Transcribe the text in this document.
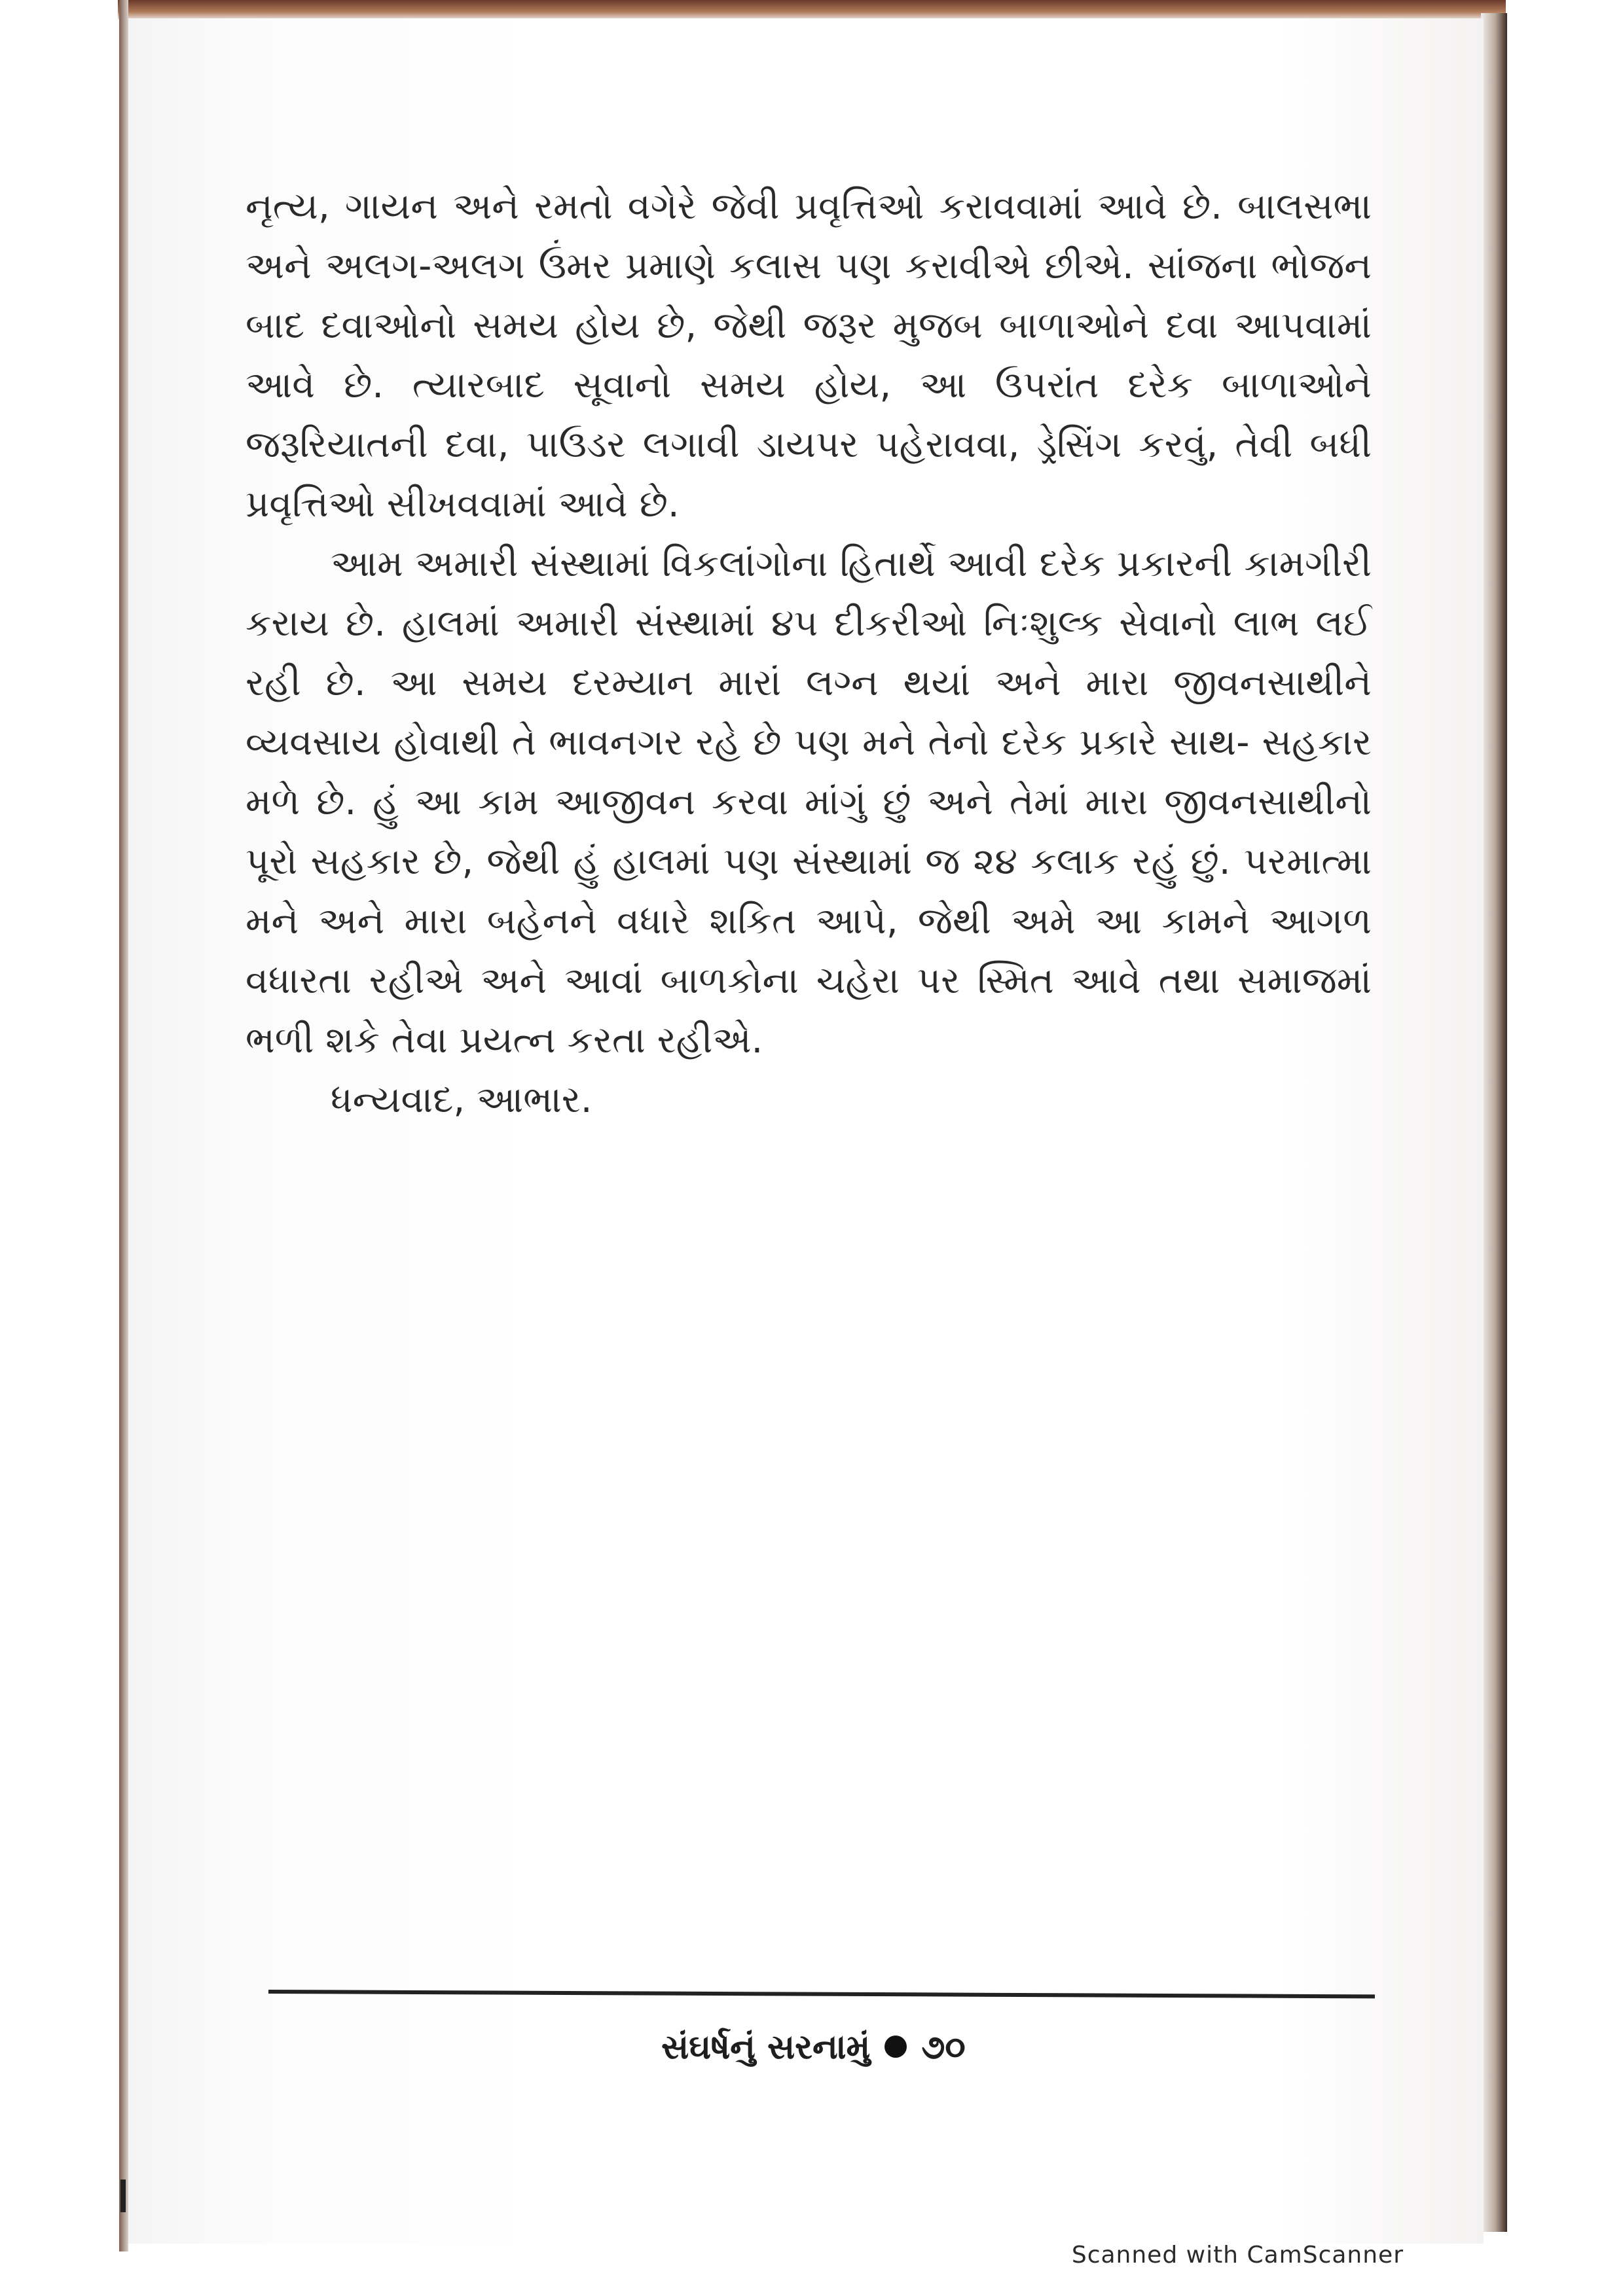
નૃત્ય, ગાયન અને રમતો વગેરે જેવી પ્રવૃત્તિઓ કરાવવામાં આવે છે. બાલસભા અને અલગ-અલગ ઉંમર પ્રમાણે કલાસ પણ કરાવીએ છીએ. સાંજના ભોજન બાદ દવાઓનો સમય હોય છે, જેથી જરૂર મુજબ બાળાઓને દવા આપવામાં આવે છે. ત્યારબાદ સૂવાનો સમય હોય, આ ઉપરાંત દરેક બાળાઓને જરૂરિયાતની દવા, પાઉડર લગાવી ડાયપર પહેરાવવા, ડ્રેસિંગ કરવું, તેવી બધી પ્રવૃત્તિઓ સીખવવામાં આવે છે.

આમ અમારી સંસ્થામાં વિકલાંગોના હિતાર્થે આવી દરેક પ્રકારની કામગીરી કરાય છે. હાલમાં અમારી સંસ્થામાં ૪૫ દીકરીઓ નિઃશુલ્ક સેવાનો લાભ લઈ રહી છે. આ સમય દરમ્યાન મારાં લગ્ન થયાં અને મારા જીવનસાથીને વ્યવસાય હોવાથી તે ભાવનગર રહે છે પણ મને તેનો દરેક પ્રકારે સાથ- સહકાર મળે છે. હું આ કામ આજીવન કરવા માંગું છું અને તેમાં મારા જીવનસાથીનો પૂરો સહકાર છે, જેથી હું હાલમાં પણ સંસ્થામાં જ ૨૪ કલાક રહું છું. પરમાત્મા મને અને મારા બહેનને વધારે શકિત આપે, જેથી અમે આ કામને આગળ વધારતા રહીએ અને આવાં બાળકોના ચહેરા પર સ્મિત આવે તથા સમાજમાં ભળી શકે તેવા પ્રયત્ન કરતા રહીએ.

ધન્યવાદ, આભાર.

સંઘર્ષનું સરનામું ૭૦
Scanned with CamScanner
